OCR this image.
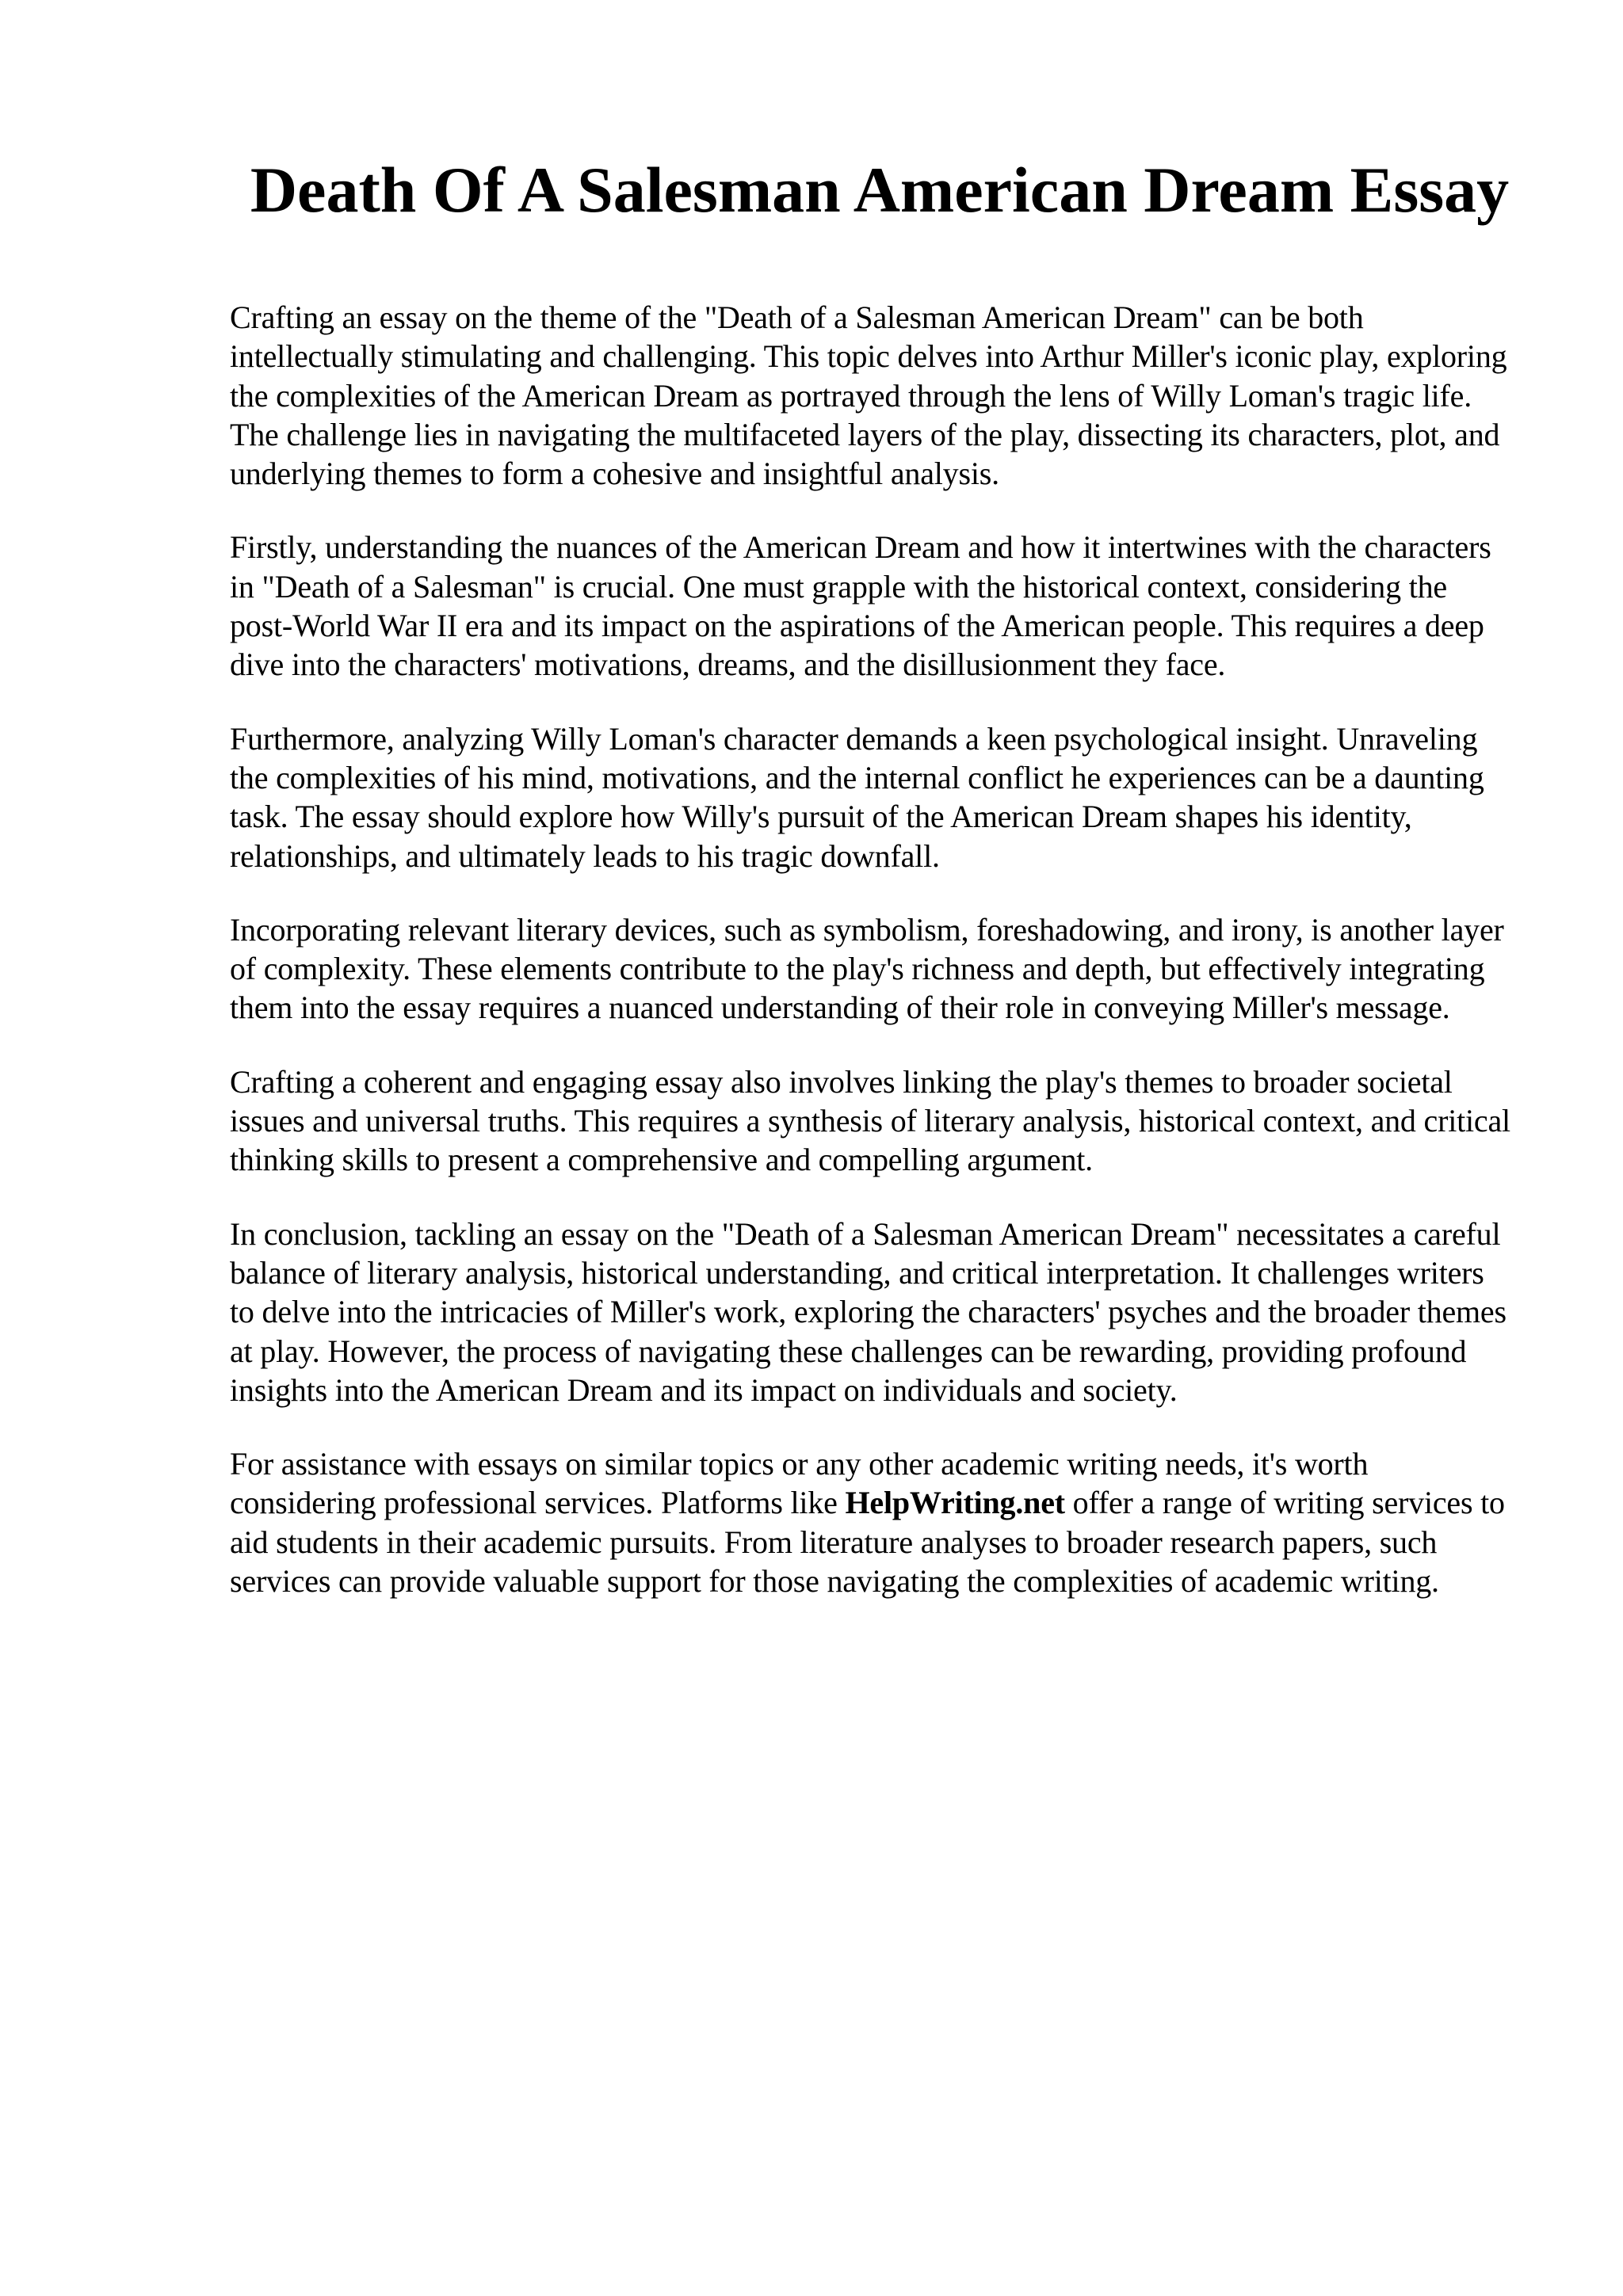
Death Of A Salesman American Dream Essay

Crafting an essay on the theme of the "Death of a Salesman American Dream" can be both intellectually stimulating and challenging. This topic delves into Arthur Miller's iconic play, exploring the complexities of the American Dream as portrayed through the lens of Willy Loman's tragic life. The challenge lies in navigating the multifaceted layers of the play, dissecting its characters, plot, and underlying themes to form a cohesive and insightful analysis.

Firstly, understanding the nuances of the American Dream and how it intertwines with the characters in "Death of a Salesman" is crucial. One must grapple with the historical context, considering the post-World War II era and its impact on the aspirations of the American people. This requires a deep dive into the characters' motivations, dreams, and the disillusionment they face.

Furthermore, analyzing Willy Loman's character demands a keen psychological insight. Unraveling the complexities of his mind, motivations, and the internal conflict he experiences can be a daunting task. The essay should explore how Willy's pursuit of the American Dream shapes his identity, relationships, and ultimately leads to his tragic downfall.

Incorporating relevant literary devices, such as symbolism, foreshadowing, and irony, is another layer of complexity. These elements contribute to the play's richness and depth, but effectively integrating them into the essay requires a nuanced understanding of their role in conveying Miller's message.

Crafting a coherent and engaging essay also involves linking the play's themes to broader societal issues and universal truths. This requires a synthesis of literary analysis, historical context, and critical thinking skills to present a comprehensive and compelling argument.

In conclusion, tackling an essay on the "Death of a Salesman American Dream" necessitates a careful balance of literary analysis, historical understanding, and critical interpretation. It challenges writers to delve into the intricacies of Miller's work, exploring the characters' psyches and the broader themes at play. However, the process of navigating these challenges can be rewarding, providing profound insights into the American Dream and its impact on individuals and society.

For assistance with essays on similar topics or any other academic writing needs, it's worth considering professional services. Platforms like HelpWriting.net offer a range of writing services to aid students in their academic pursuits. From literature analyses to broader research papers, such services can provide valuable support for those navigating the complexities of academic writing.
